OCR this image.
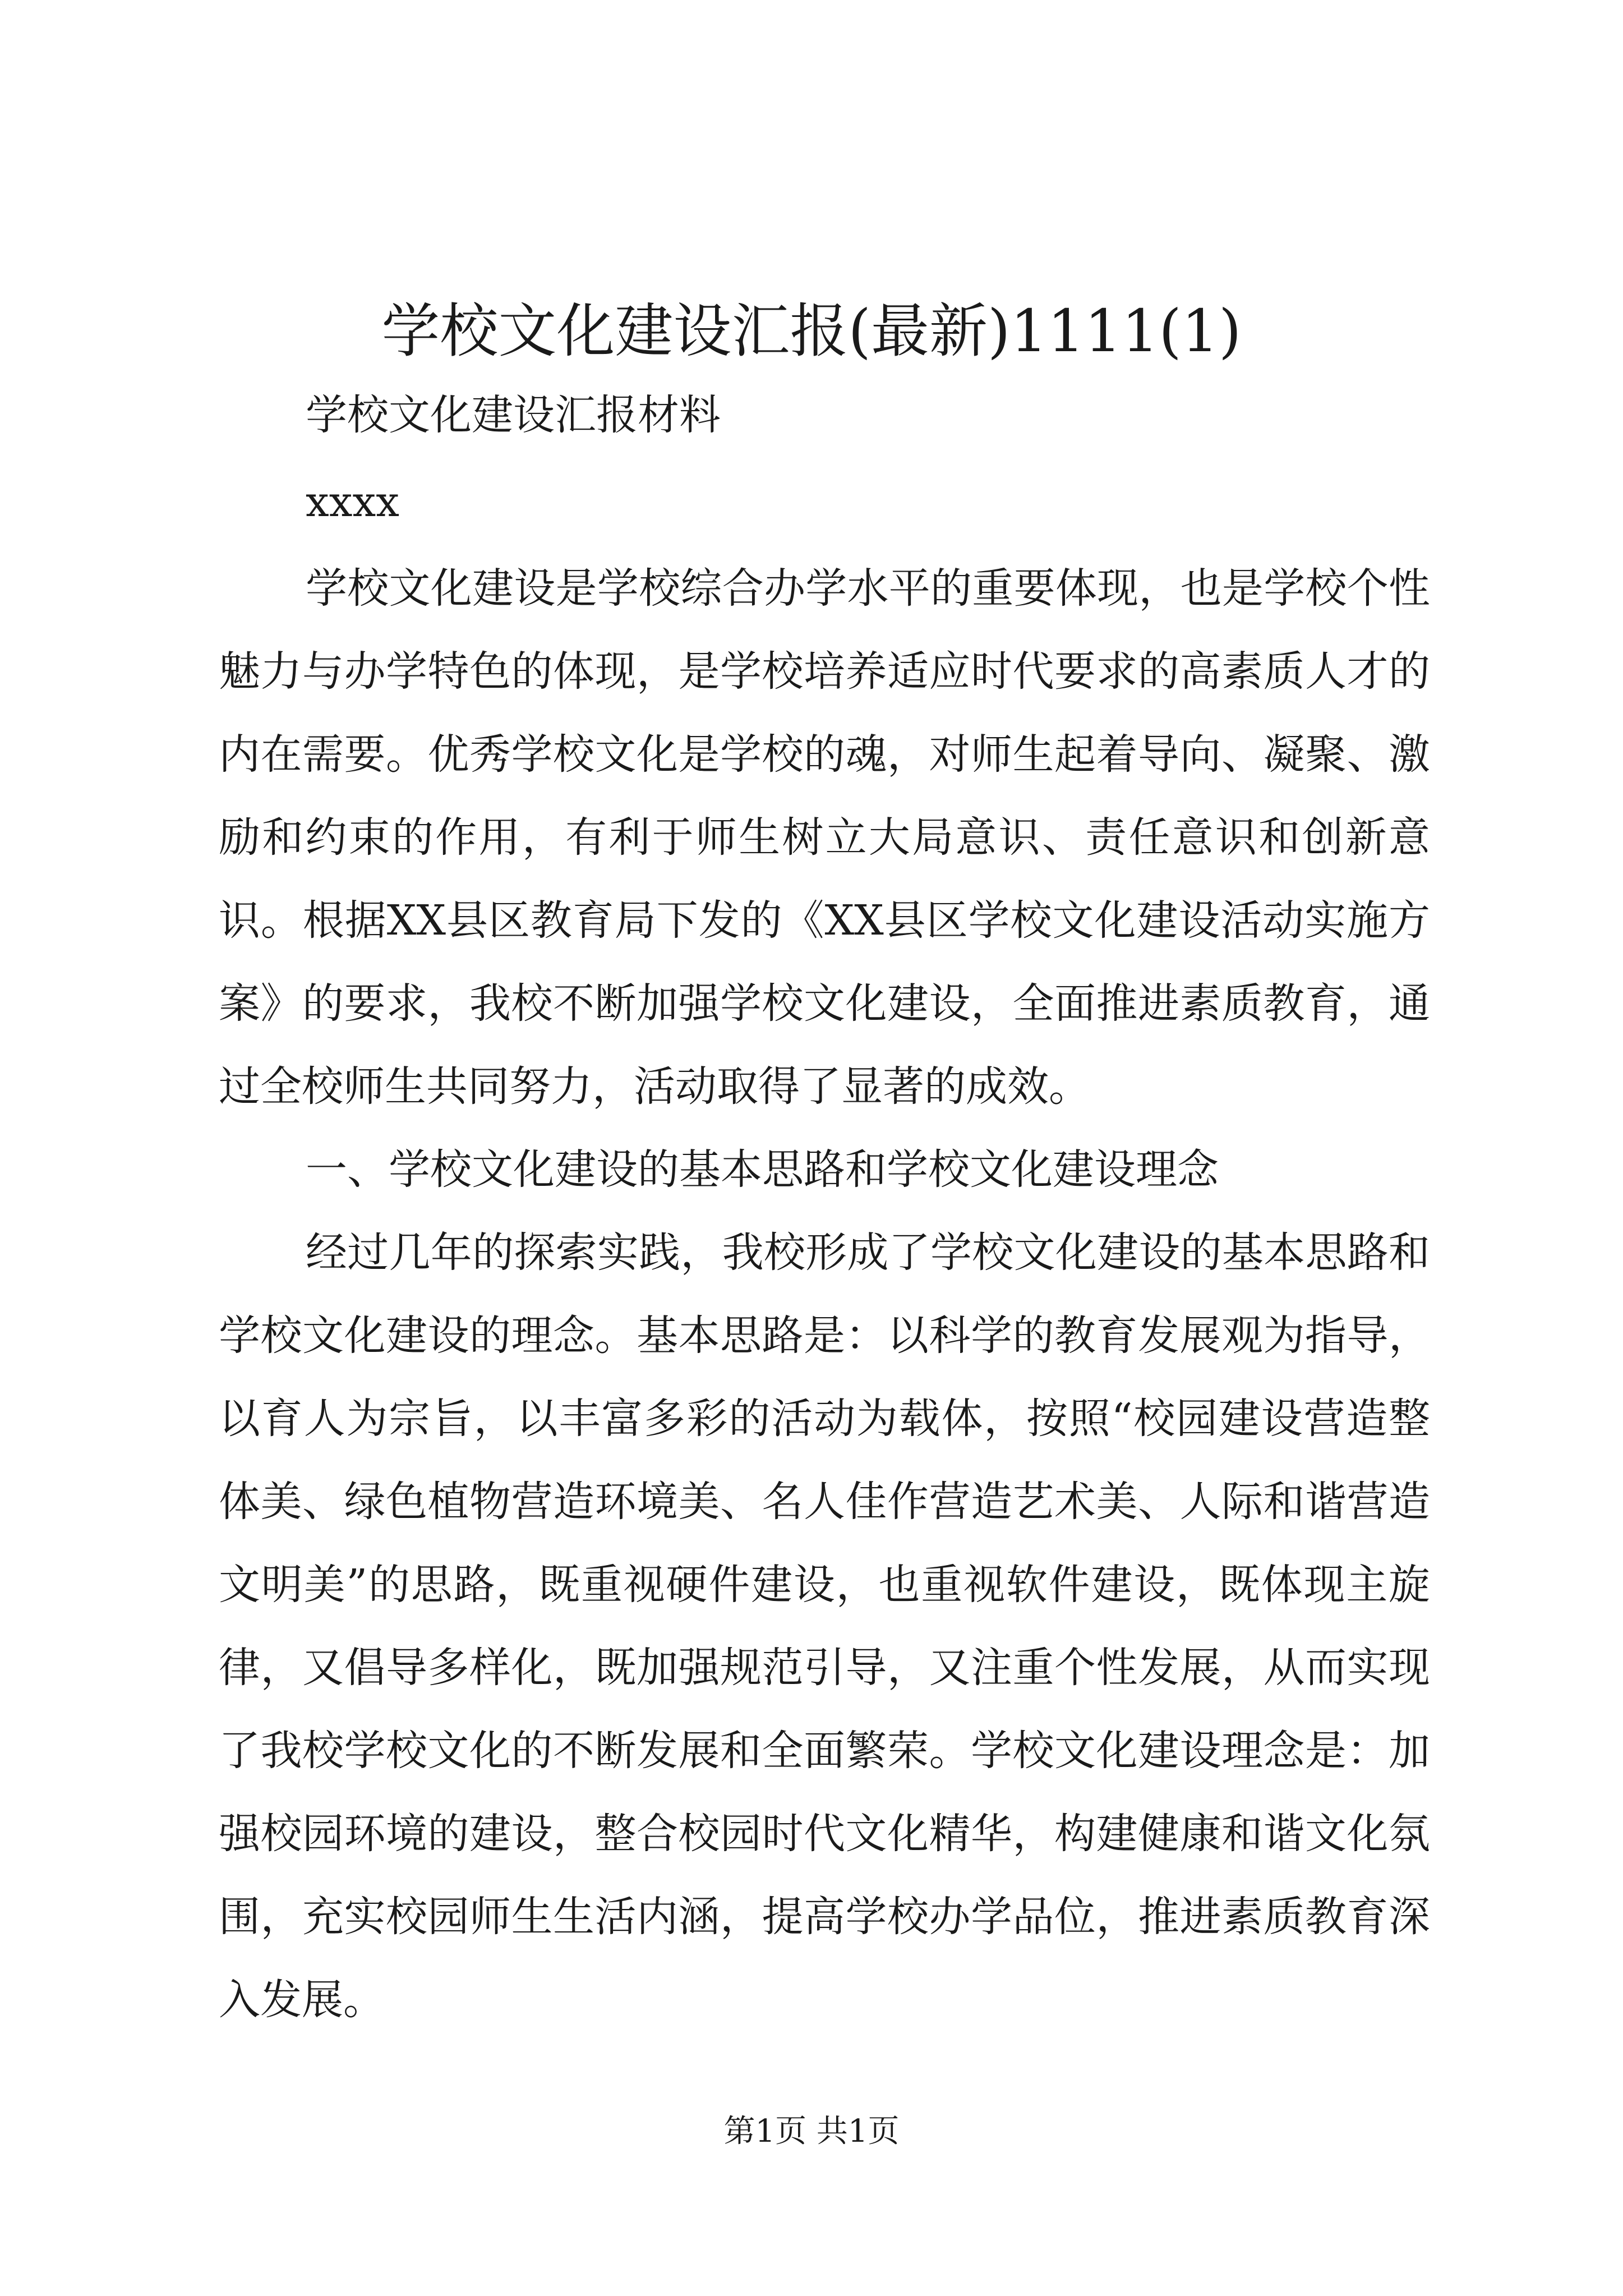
学校文化建设汇报(最新)1111(1)
学校文化建设汇报材料
xxxx

学校文化建设是学校综合办学水平的重要体现，也是学校个性魅力与办学特色的体现，是学校培养适应时代要求的高素质人才的内在需要。优秀学校文化是学校的魂，对师生起着导向、凝聚、激励和约束的作用，有利于师生树立大局意识、责任意识和创新意识。根据XX县区教育局下发的《XX县区学校文化建设活动实施方案》的要求，我校不断加强学校文化建设，全面推进素质教育，通过全校师生共同努力，活动取得了显著的成效。

一、学校文化建设的基本思路和学校文化建设理念

经过几年的探索实践，我校形成了学校文化建设的基本思路和学校文化建设的理念。基本思路是：以科学的教育发展观为指导，以育人为宗旨，以丰富多彩的活动为载体，按照“校园建设营造整体美、绿色植物营造环境美、名人佳作营造艺术美、人际和谐营造文明美”的思路，既重视硬件建设，也重视软件建设，既体现主旋律，又倡导多样化，既加强规范引导，又注重个性发展，从而实现了我校学校文化的不断发展和全面繁荣。学校文化建设理念是：加强校园环境的建设，整合校园时代文化精华，构建健康和谐文化氛围，充实校园师生生活内涵，提高学校办学品位，推进素质教育深入发展。

第1页 共1页
